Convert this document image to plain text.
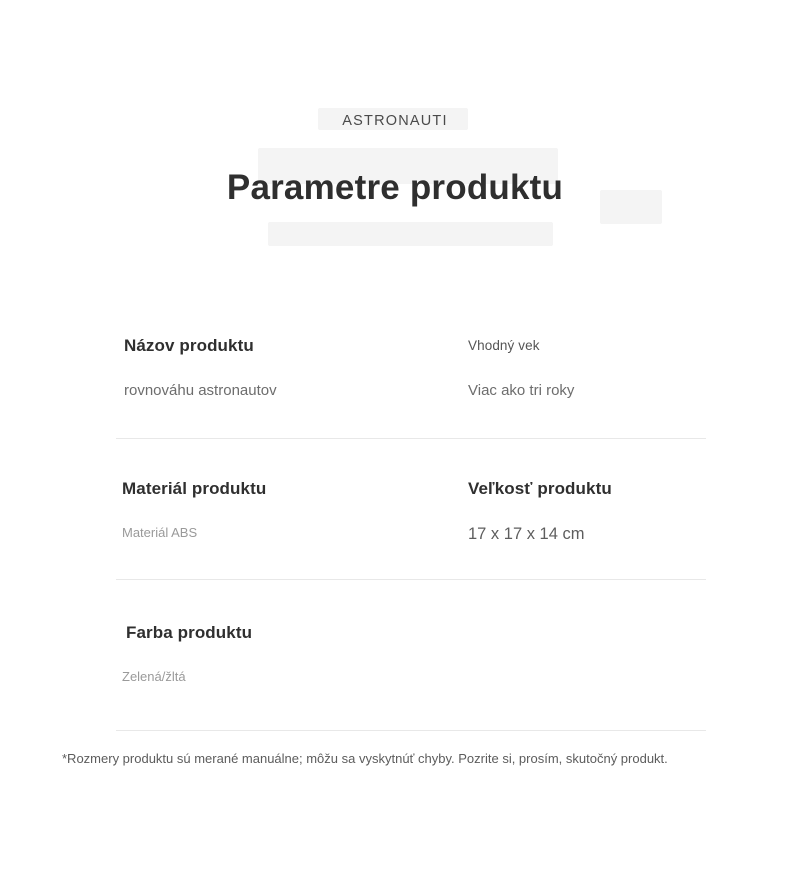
ASTRONAUTI
Parametre produktu
Názov produktu
rovnováhu astronautov
Vhodný vek
Viac ako tri roky
Materiál produktu
Materiál ABS
Veľkosť produktu
17 x 17 x 14 cm
Farba produktu
Zelená/žltá
*Rozmery produktu sú merané manuálne; môžu sa vyskytnúť chyby. Pozrite si, prosím, skutočný produkt.
